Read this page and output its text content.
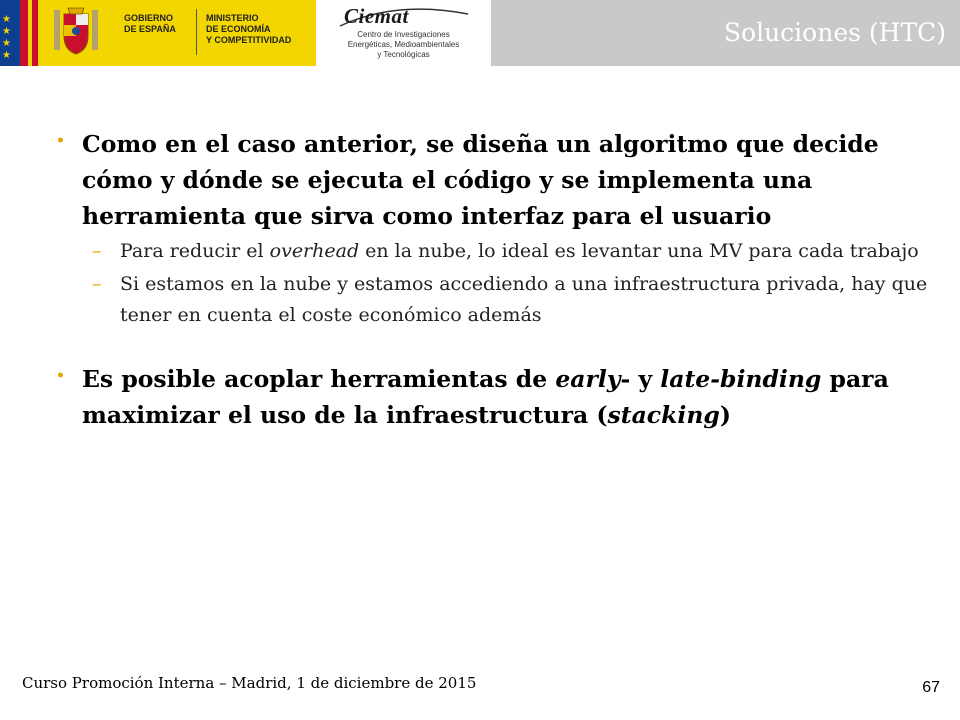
★
★
★
★
GOBIERNO
DE ESPAÑA
MINISTERIO
DE ECONOMÍA
Y COMPETITIVIDAD
Ciemat
Centro de Investigaciones
Energéticas, Medioambientales
y Tecnológicas
Soluciones (HTC)
• Como en el caso anterior, se diseña un algoritmo que decide cómo y dónde se ejecuta el código y se implementa una herramienta que sirva como interfaz para el usuario
– Para reducir el overhead en la nube, lo ideal es levantar una MV para cada trabajo
– Si estamos en la nube y estamos accediendo a una infraestructura privada, hay que tener en cuenta el coste económico además
• Es posible acoplar herramientas de early- y late-binding para maximizar el uso de la infraestructura (stacking)
Curso Promoción Interna – Madrid, 1 de diciembre de 2015	67
